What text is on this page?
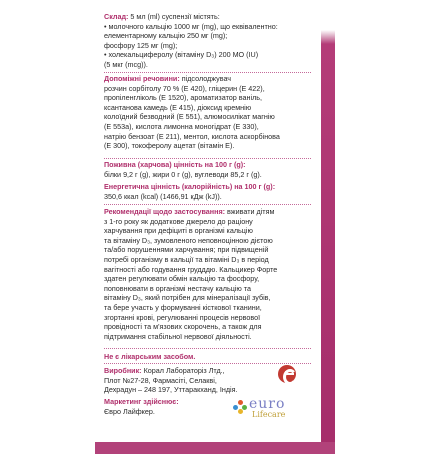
Склад: 5 мл (ml) суспензії містять:
• молочного кальцію 1000 мг (mg), що еквівалентно:
елементарному кальцію 250 мг (mg);
фосфору 125 мг (mg);
• холекальциферолу (вітаміну D₃) 200 МО (IU)
(5 мкг (mcg)).
Допоміжні речовини: підсолоджувач
розчин сорбітолу 70 % (Е 420), гліцерин (Е 422),
пропіленгліколь (Е 1520), ароматизатор ваніль,
ксантанова камедь (Е 415), діоксид кремнію
колоїдний безводний (Е 551), алюмосилікат магнію
(Е 553а), кислота лимонна моногідрат (Е 330),
натрію бензоат (Е 211), ментол, кислота аскорбінова
(Е 300), токоферолу ацетат (вітамін Е).
Поживна (харчова) цінність на 100 г (g):
білки 9,2 г (g), жири 0 г (g), вуглеводи 85,2 г (g).
Енергетична цінність (калорійність) на 100 г (g):
350,6 ккал (kcal) (1466,91 кДж (kJ)).
Рекомендації щодо застосування: вживати дітям
з 1-го року як додаткове джерело до раціону
харчування при дефіциті в організмі кальцію
та вітаміну D₃, зумовленого неповноцінною дієтою
та/або порушеннями харчування; при підвищеній
потребі організму в кальції та вітаміні D₃ в період
вагітності або годування грудддю. Кальцикер Форте
здатен регулювати обмін кальцію та фосфору,
поповнювати в організмі нестачу кальцію та
вітаміну D₃, який потрібен для мінералізації зубів,
та бере участь у формуванні кісткової тканини,
згортанні крові, регулюванні процесів нервової
провідності та м'язових скорочень, а також для
підтримання стабільної нервової діяльності.
Не є лікарським засобом.
Виробник: Корал Лабораторіз Лтд.,
Плот №27-28, Фармасіті, Селаквi,
Дехрадун – 248 197, Уттаракханд, Індія.
Маркетинг здійснює:
Євро Лайфкер.	euro
Lifecare
